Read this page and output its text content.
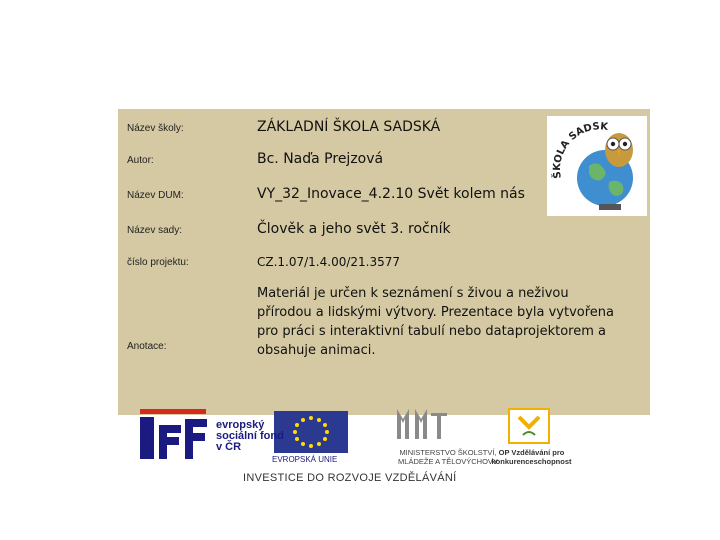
Název školy:	ZÁKLADNÍ ŠKOLA SADSKÁ
Autor:	Bc. Naďa Prejzová
Název DUM:	VY_32_Inovace_4.2.10 Svět kolem nás
Název sady:	Člověk a jeho svět 3. ročník
číslo projektu:	CZ.1.07/1.4.00/21.3577
Anotace:
Materiál je určen k seznámení s živou a neživou přírodou a lidskými výtvory. Prezentace byla vytvořena pro práci s interaktivní tabulí nebo dataprojektorem a obsahuje animaci.
ŠKOLA SADSK
evropský sociální fond v ČR
EVROPSKÁ UNIE
MINISTERSTVO ŠKOLSTVÍ, MLÁDEŽE A TĚLOVÝCHOVY
OP Vzdělávání pro konkurenceschopnost
INVESTICE DO ROZVOJE VZDĚLÁVÁNÍ
